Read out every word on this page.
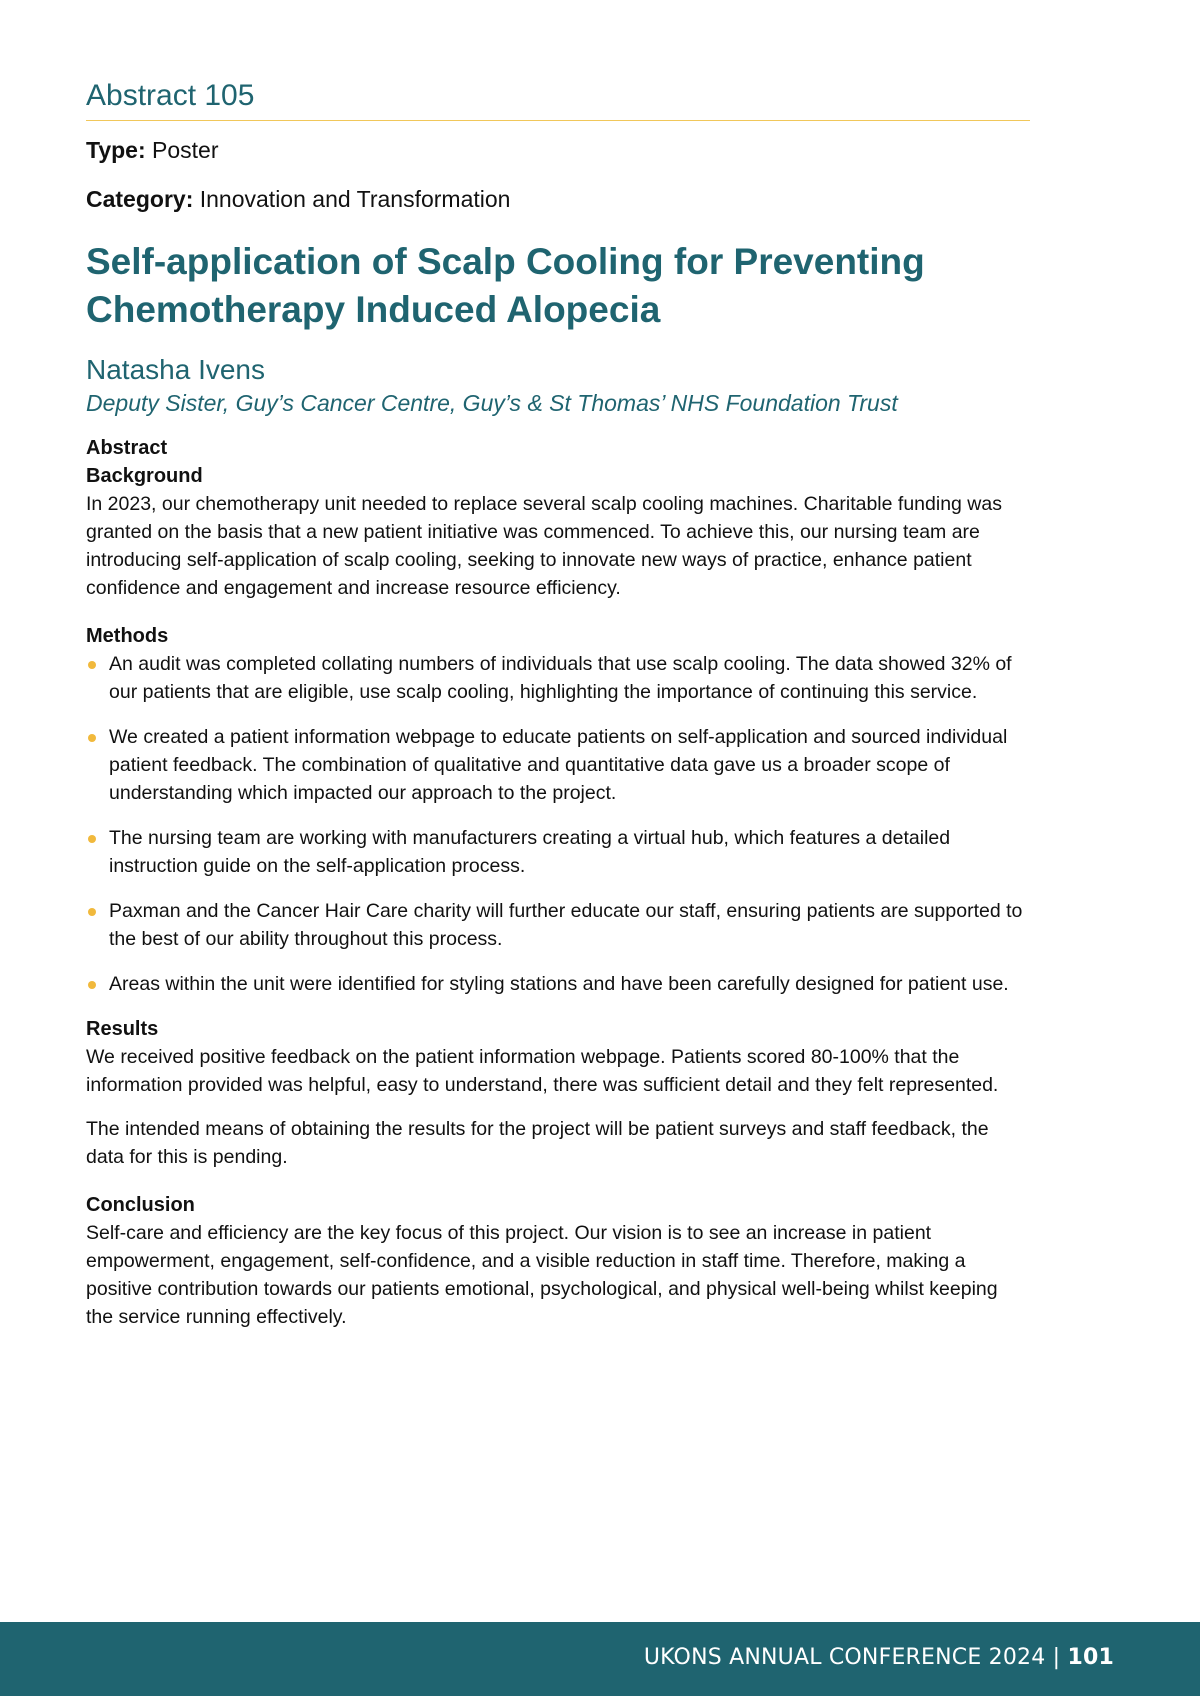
Abstract 105
Type: Poster
Category: Innovation and Transformation
Self-application of Scalp Cooling for Preventing
Chemotherapy Induced Alopecia
Natasha Ivens
Deputy Sister, Guy’s Cancer Centre, Guy’s & St Thomas’ NHS Foundation Trust
Abstract
Background

In 2023, our chemotherapy unit needed to replace several scalp cooling machines. Charitable funding was granted on the basis that a new patient initiative was commenced. To achieve this, our nursing team are introducing self-application of scalp cooling, seeking to innovate new ways of practice, enhance patient confidence and engagement and increase resource efficiency.

Methods
An audit was completed collating numbers of individuals that use scalp cooling. The data showed 32% of our patients that are eligible, use scalp cooling, highlighting the importance of continuing this service.
We created a patient information webpage to educate patients on self-application and sourced individual patient feedback. The combination of qualitative and quantitative data gave us a broader scope of understanding which impacted our approach to the project.
The nursing team are working with manufacturers creating a virtual hub, which features a detailed instruction guide on the self-application process.
Paxman and the Cancer Hair Care charity will further educate our staff, ensuring patients are supported to the best of our ability throughout this process.
Areas within the unit were identified for styling stations and have been carefully designed for patient use.
Results

We received positive feedback on the patient information webpage. Patients scored 80-100% that the information provided was helpful, easy to understand, there was sufficient detail and they felt represented.

The intended means of obtaining the results for the project will be patient surveys and staff feedback, the data for this is pending.

Conclusion

Self-care and efficiency are the key focus of this project. Our vision is to see an increase in patient empowerment, engagement, self-confidence, and a visible reduction in staff time. Therefore, making a positive contribution towards our patients emotional, psychological, and physical well-being whilst keeping the service running effectively.

UKONS ANNUAL CONFERENCE 2024 | 101
